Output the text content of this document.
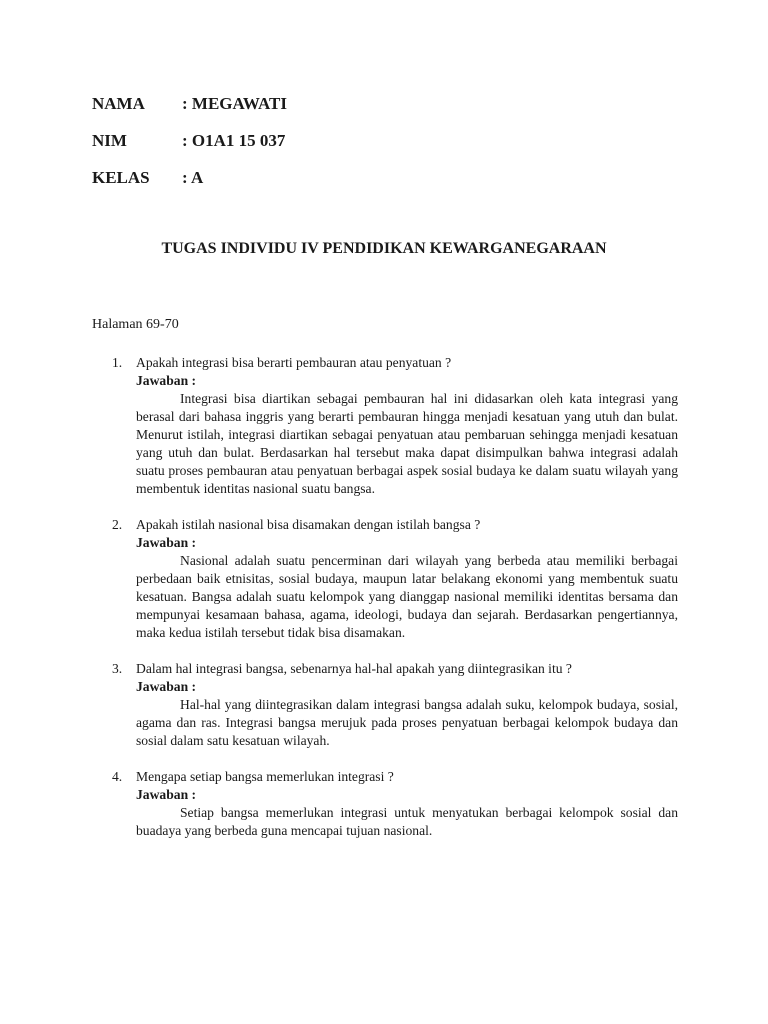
NAMA	: MEGAWATI
NIM	: O1A1 15 037
KELAS	: A
TUGAS INDIVIDU IV PENDIDIKAN KEWARGANEGARAAN
Halaman 69-70
1. Apakah integrasi bisa berarti pembauran atau penyatuan ?
Jawaban :
Integrasi bisa diartikan sebagai pembauran hal ini didasarkan oleh kata integrasi yang berasal dari bahasa inggris yang berarti pembauran hingga menjadi kesatuan yang utuh dan bulat. Menurut istilah, integrasi diartikan sebagai penyatuan atau pembaruan sehingga menjadi kesatuan yang utuh dan bulat. Berdasarkan hal tersebut maka dapat disimpulkan bahwa integrasi adalah suatu proses pembauran atau penyatuan berbagai aspek sosial budaya ke dalam suatu wilayah yang membentuk identitas nasional suatu bangsa.
2. Apakah istilah nasional bisa disamakan dengan istilah bangsa ?
Jawaban :
Nasional adalah suatu pencerminan dari wilayah yang berbeda atau memiliki berbagai perbedaan baik etnisitas, sosial budaya, maupun latar belakang ekonomi yang membentuk suatu kesatuan. Bangsa adalah suatu kelompok yang dianggap nasional memiliki identitas bersama dan mempunyai kesamaan bahasa, agama, ideologi, budaya dan sejarah. Berdasarkan pengertiannya, maka kedua istilah tersebut tidak bisa disamakan.
3. Dalam hal integrasi bangsa, sebenarnya hal-hal apakah yang diintegrasikan itu ?
Jawaban :
Hal-hal yang diintegrasikan dalam integrasi bangsa adalah suku, kelompok budaya, sosial, agama dan ras. Integrasi bangsa merujuk pada proses penyatuan berbagai kelompok budaya dan sosial dalam satu kesatuan wilayah.
4. Mengapa setiap bangsa memerlukan integrasi ?
Jawaban :
Setiap bangsa memerlukan integrasi untuk menyatukan berbagai kelompok sosial dan buadaya yang berbeda guna mencapai tujuan nasional.
